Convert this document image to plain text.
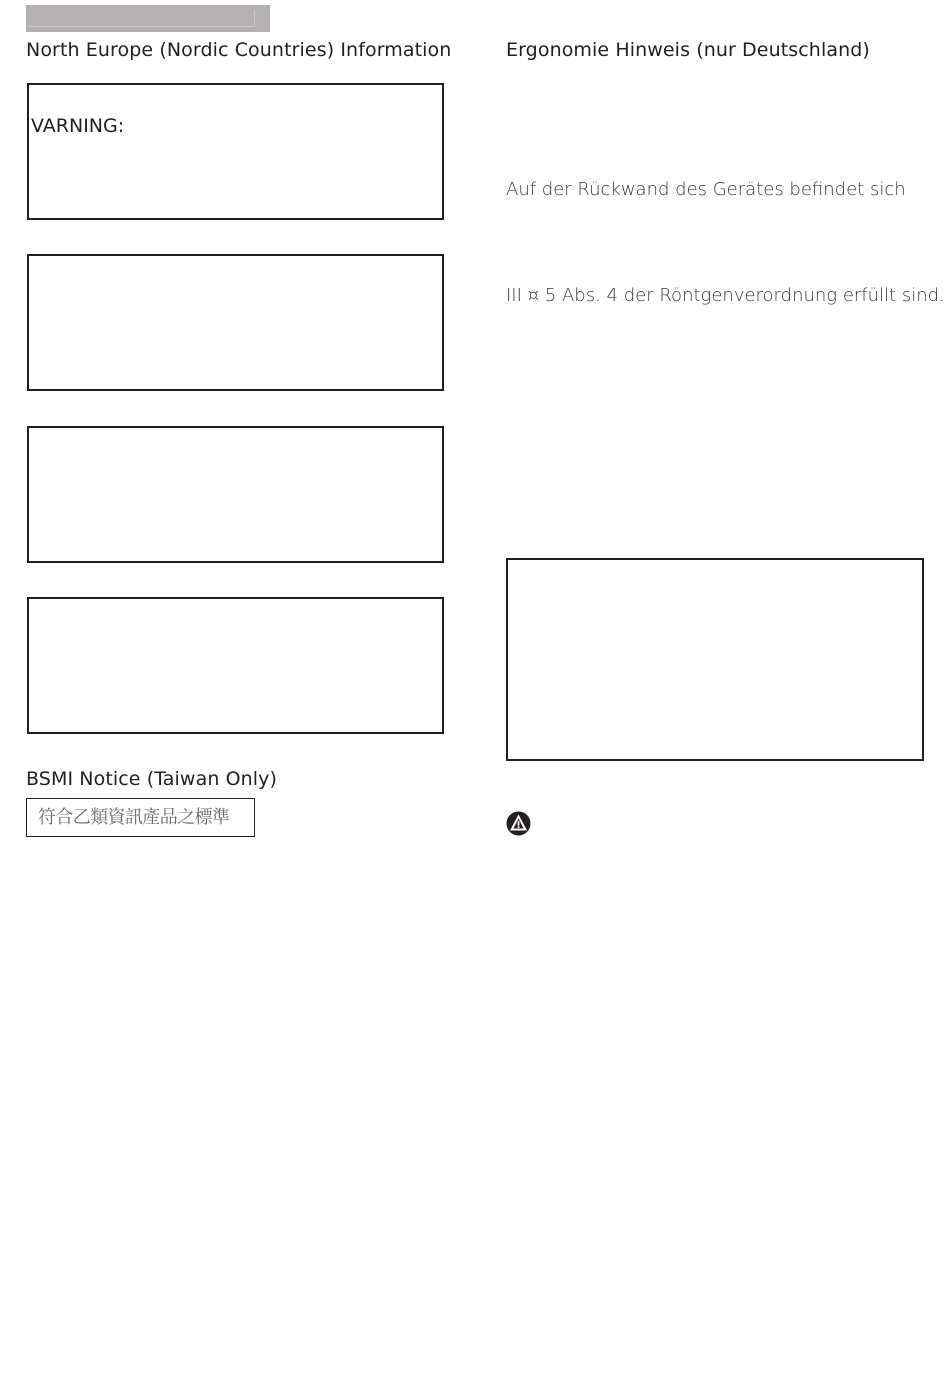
North Europe (Nordic Countries) Information
VARNING:
BSMI Notice (Taiwan Only)
符合乙類資訊產品之標準
Ergonomie Hinweis (nur Deutschland)
Auf der Rückwand des Gerätes befindet sich
III ¤ 5 Abs. 4 der Röntgenverordnung erfüllt sind.
